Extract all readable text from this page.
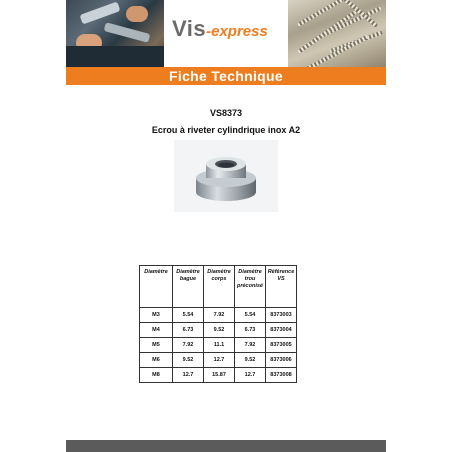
Vis-express
Fiche Technique
VS8373
Ecrou à riveter cylindrique inox A2
Diamètre	Diamètre bague	Diamètre corps	Diamètre trou préconisé	Référence VS
M3	5.54	7.92	5.54	8373003
M4	6.73	9.52	6.73	8373004
M5	7.92	11.1	7.92	8373005
M6	9.52	12.7	9.52	8373006
M8	12.7	15.87	12.7	8373008
